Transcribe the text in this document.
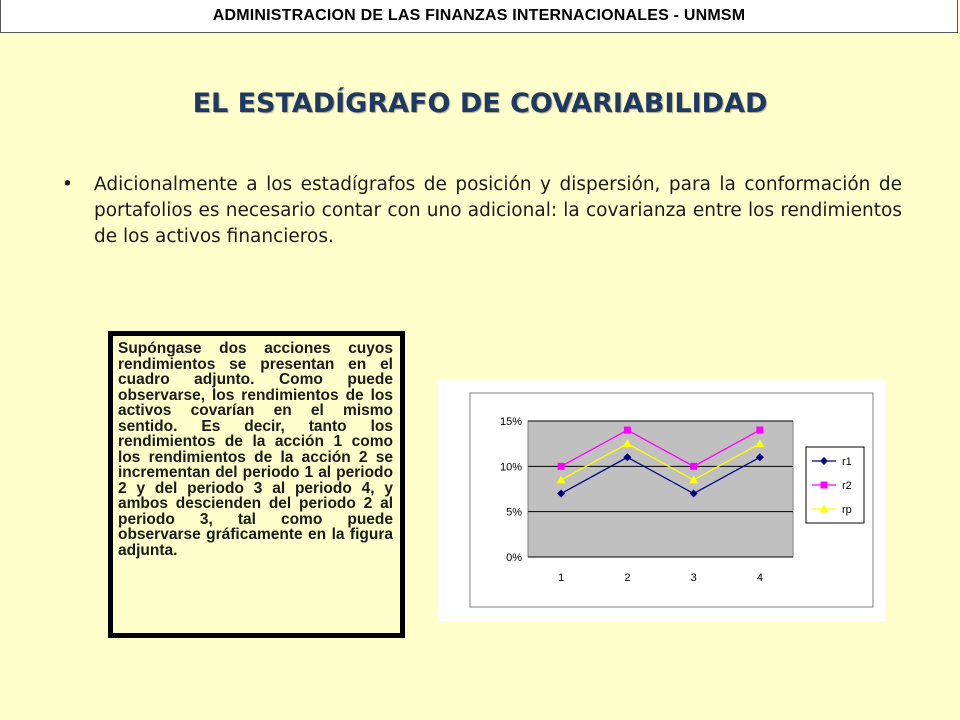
ADMINISTRACION DE LAS FINANZAS INTERNACIONALES - UNMSM
EL ESTADÍGRAFO DE COVARIABILIDAD
• Adicionalmente a los estadígrafos de posición y dispersión, para la conformación de portafolios es necesario contar con uno adicional: la covarianza entre los rendimientos de los activos financieros.
Supóngase dos acciones cuyos rendimientos se presentan en el cuadro adjunto. Como puede observarse, los rendimientos de los activos covarían en el mismo sentido. Es decir, tanto los rendimientos de la acción 1 como los rendimientos de la acción 2 se incrementan del periodo 1 al periodo 2 y del periodo 3 al periodo 4, y ambos descienden del periodo 2 al periodo 3, tal como puede observarse gráficamente en la figura adjunta.	0%
5%
10%
15%
1	2	3	4
r1
r2
rp
